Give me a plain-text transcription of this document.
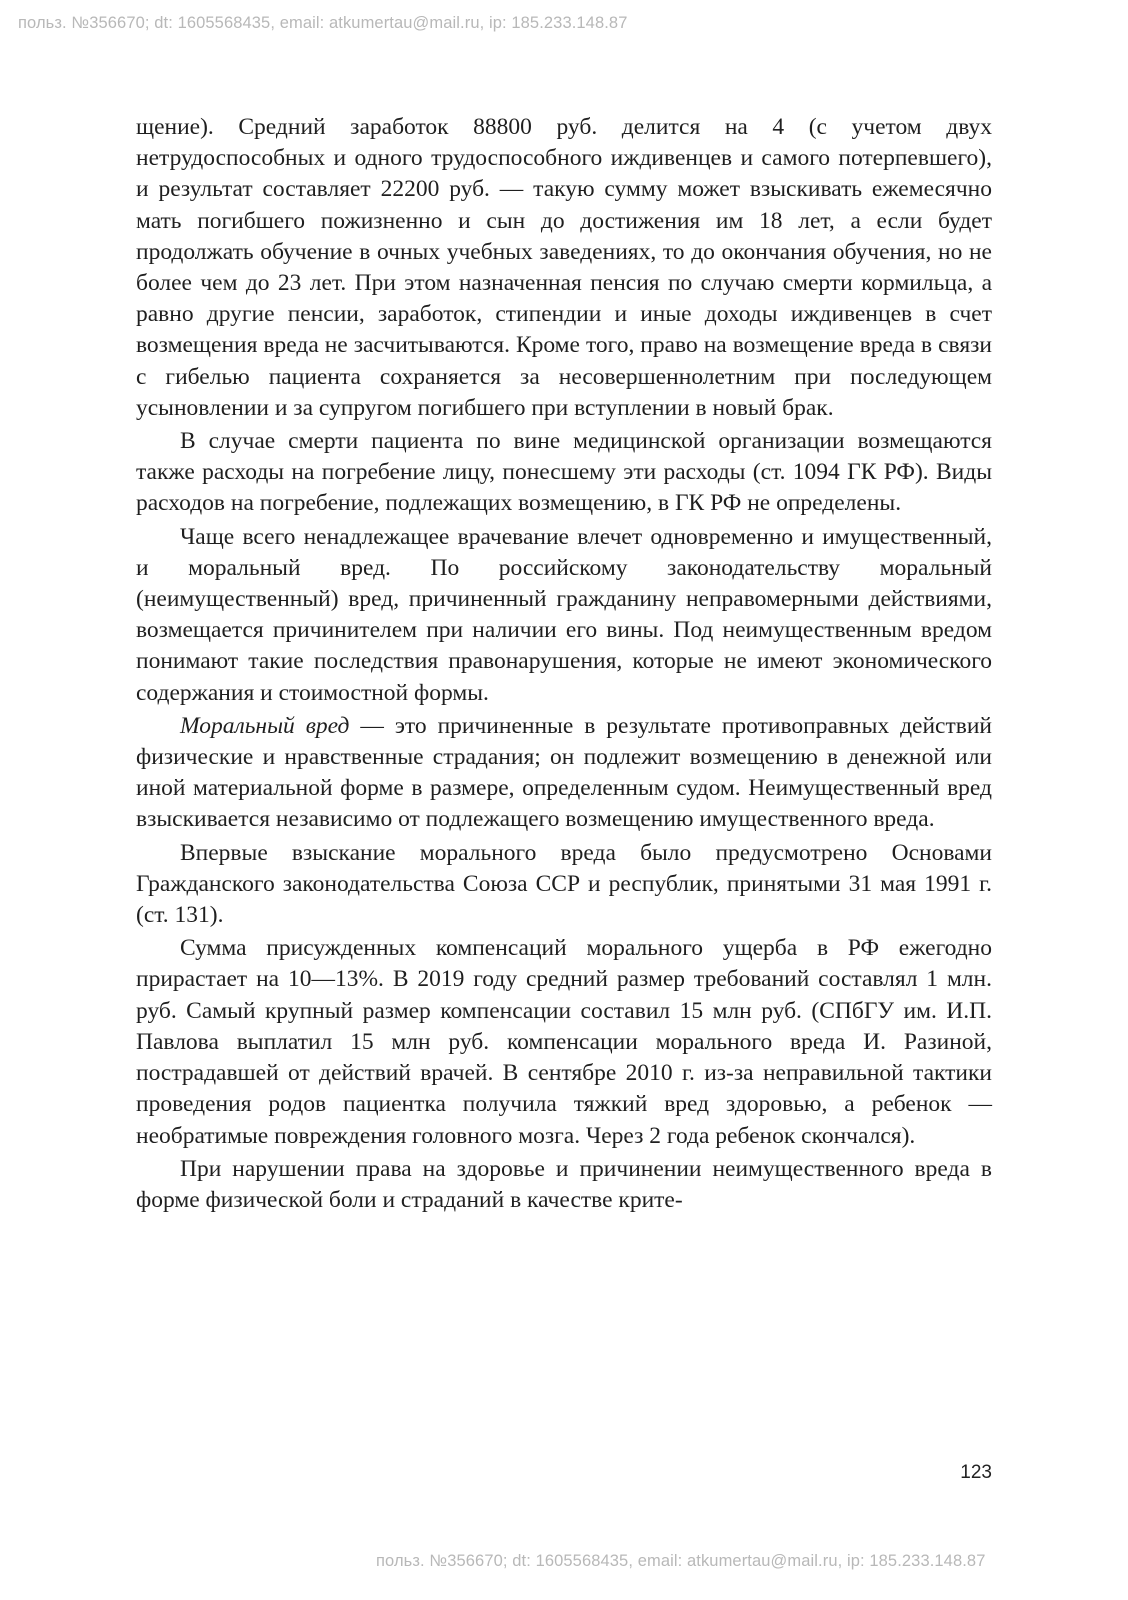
польз. №356670; dt: 1605568435, email: atkumertau@mail.ru, ip: 185.233.148.87

щение). Средний заработок 88800 руб. делится на 4 (с учетом двух нетрудоспособных и одного трудоспособного иждивенцев и самого потерпевшего), и результат составляет 22200 руб. — такую сумму может взыскивать ежемесячно мать погибшего пожизненно и сын до достижения им 18 лет, а если будет продолжать обучение в очных учебных заведениях, то до окончания обучения, но не более чем до 23 лет. При этом назначенная пенсия по случаю смерти кормильца, а равно другие пенсии, заработок, стипендии и иные доходы иждивенцев в счет возмещения вреда не засчитываются. Кроме того, право на возмещение вреда в связи с гибелью пациента сохраняется за несовершеннолетним при последующем усыновлении и за супругом погибшего при вступлении в новый брак.

В случае смерти пациента по вине медицинской организации возмещаются также расходы на погребение лицу, понесшему эти расходы (ст. 1094 ГК РФ). Виды расходов на погребение, подлежащих возмещению, в ГК РФ не определены.

Чаще всего ненадлежащее врачевание влечет одновременно и имущественный, и моральный вред. По российскому законодательству моральный (неимущественный) вред, причиненный гражданину неправомерными действиями, возмещается причинителем при наличии его вины. Под неимущественным вредом понимают такие последствия правонарушения, которые не имеют экономического содержания и стоимостной формы.

Моральный вред — это причиненные в результате противоправных действий физические и нравственные страдания; он подлежит возмещению в денежной или иной материальной форме в размере, определенным судом. Неимущественный вред взыскивается независимо от подлежащего возмещению имущественного вреда.

Впервые взыскание морального вреда было предусмотрено Основами Гражданского законодательства Союза ССР и республик, принятыми 31 мая 1991 г. (ст. 131).

Сумма присужденных компенсаций морального ущерба в РФ ежегодно прирастает на 10—13%. В 2019 году средний размер требований составлял 1 млн. руб. Самый крупный размер компенсации составил 15 млн руб. (СПбГУ им. И.П. Павлова выплатил 15 млн руб. компенсации морального вреда И. Разиной, пострадавшей от действий врачей. В сентябре 2010 г. из-за неправильной тактики проведения родов пациентка получила тяжкий вред здоровью, а ребенок — необратимые повреждения головного мозга. Через 2 года ребенок скончался).

При нарушении права на здоровье и причинении неимущественного вреда в форме физической боли и страданий в качестве крите-

123
польз. №356670; dt: 1605568435, email: atkumertau@mail.ru, ip: 185.233.148.87
